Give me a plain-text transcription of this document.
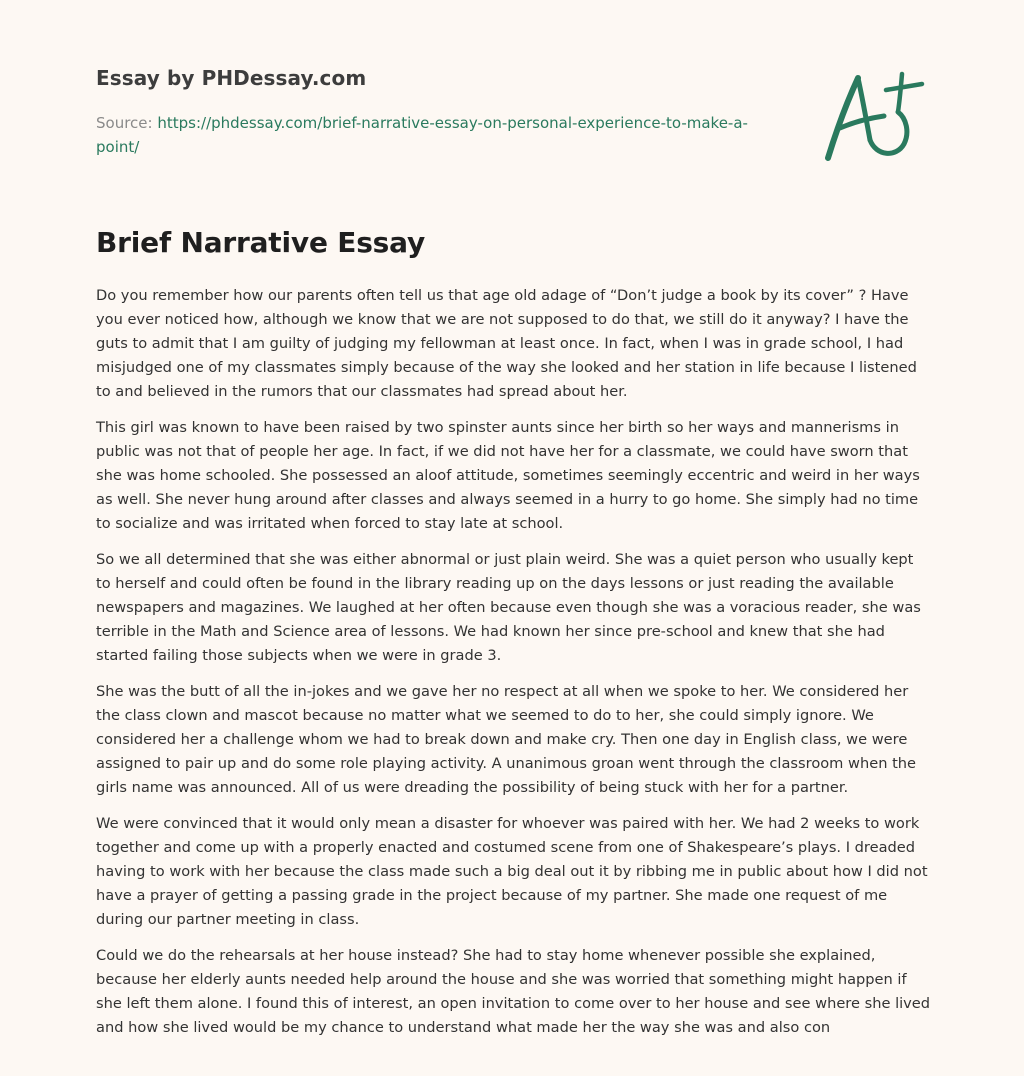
Essay by PHDessay.com
Source: https://phdessay.com/brief-narrative-essay-on-personal-experience-to-make-a-point/
Brief Narrative Essay

Do you remember how our parents often tell us that age old adage of “Don’t judge a book by its cover” ? Have you ever noticed how, although we know that we are not supposed to do that, we still do it anyway? I have the guts to admit that I am guilty of judging my fellowman at least once. In fact, when I was in grade school, I had misjudged one of my classmates simply because of the way she looked and her station in life because I listened to and believed in the rumors that our classmates had spread about her.

This girl was known to have been raised by two spinster aunts since her birth so her ways and mannerisms in public was not that of people her age. In fact, if we did not have her for a classmate, we could have sworn that she was home schooled. She possessed an aloof attitude, sometimes seemingly eccentric and weird in her ways as well. She never hung around after classes and always seemed in a hurry to go home. She simply had no time to socialize and was irritated when forced to stay late at school.

So we all determined that she was either abnormal or just plain weird. She was a quiet person who usually kept to herself and could often be found in the library reading up on the days lessons or just reading the available newspapers and magazines. We laughed at her often because even though she was a voracious reader, she was terrible in the Math and Science area of lessons. We had known her since pre-school and knew that she had started failing those subjects when we were in grade 3.

She was the butt of all the in-jokes and we gave her no respect at all when we spoke to her. We considered her the class clown and mascot because no matter what we seemed to do to her, she could simply ignore. We considered her a challenge whom we had to break down and make cry. Then one day in English class, we were assigned to pair up and do some role playing activity. A unanimous groan went through the classroom when the girls name was announced. All of us were dreading the possibility of being stuck with her for a partner.

We were convinced that it would only mean a disaster for whoever was paired with her. We had 2 weeks to work together and come up with a properly enacted and costumed scene from one of Shakespeare’s plays. I dreaded having to work with her because the class made such a big deal out it by ribbing me in public about how I did not have a prayer of getting a passing grade in the project because of my partner. She made one request of me during our partner meeting in class.

Could we do the rehearsals at her house instead? She had to stay home whenever possible she explained, because her elderly aunts needed help around the house and she was worried that something might happen if she left them alone. I found this of interest, an open invitation to come over to her house and see where she lived and how she lived would be my chance to understand what made her the way she was and also con
